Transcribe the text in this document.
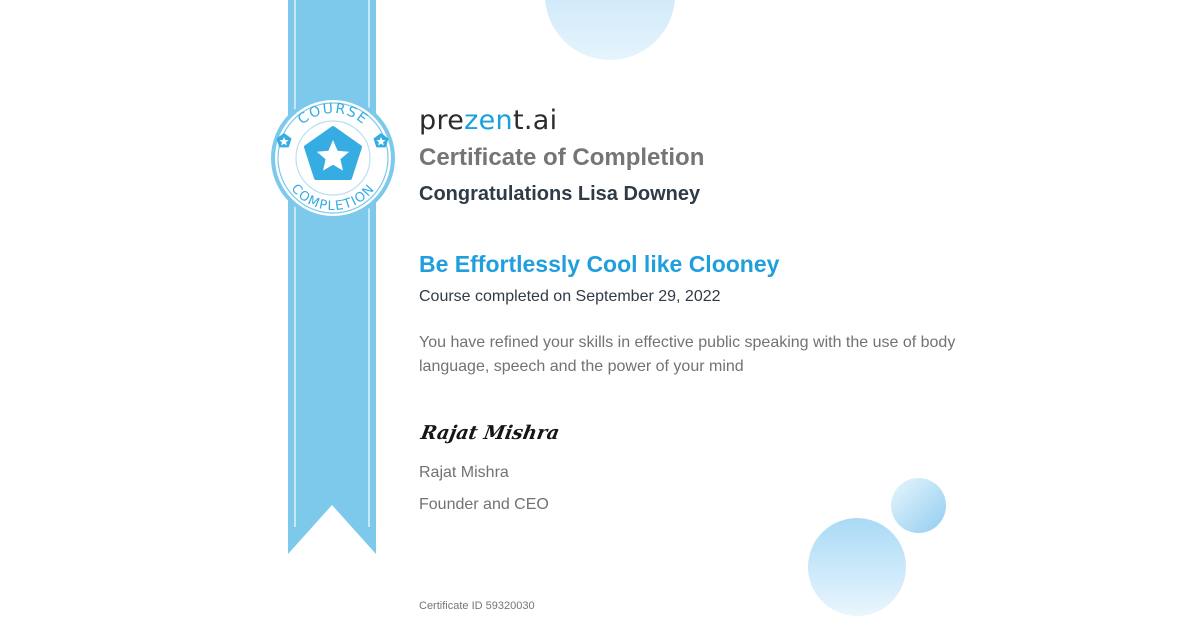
COURSE
COMPLETION
prezent.ai
Certificate of Completion
Congratulations Lisa Downey
Be Effortlessly Cool like Clooney
Course completed on September 29, 2022
You have refined your skills in effective public speaking with the use of body language, speech and the power of your mind
Rajat Mishra
Rajat Mishra
Founder and CEO
Certificate ID 59320030
